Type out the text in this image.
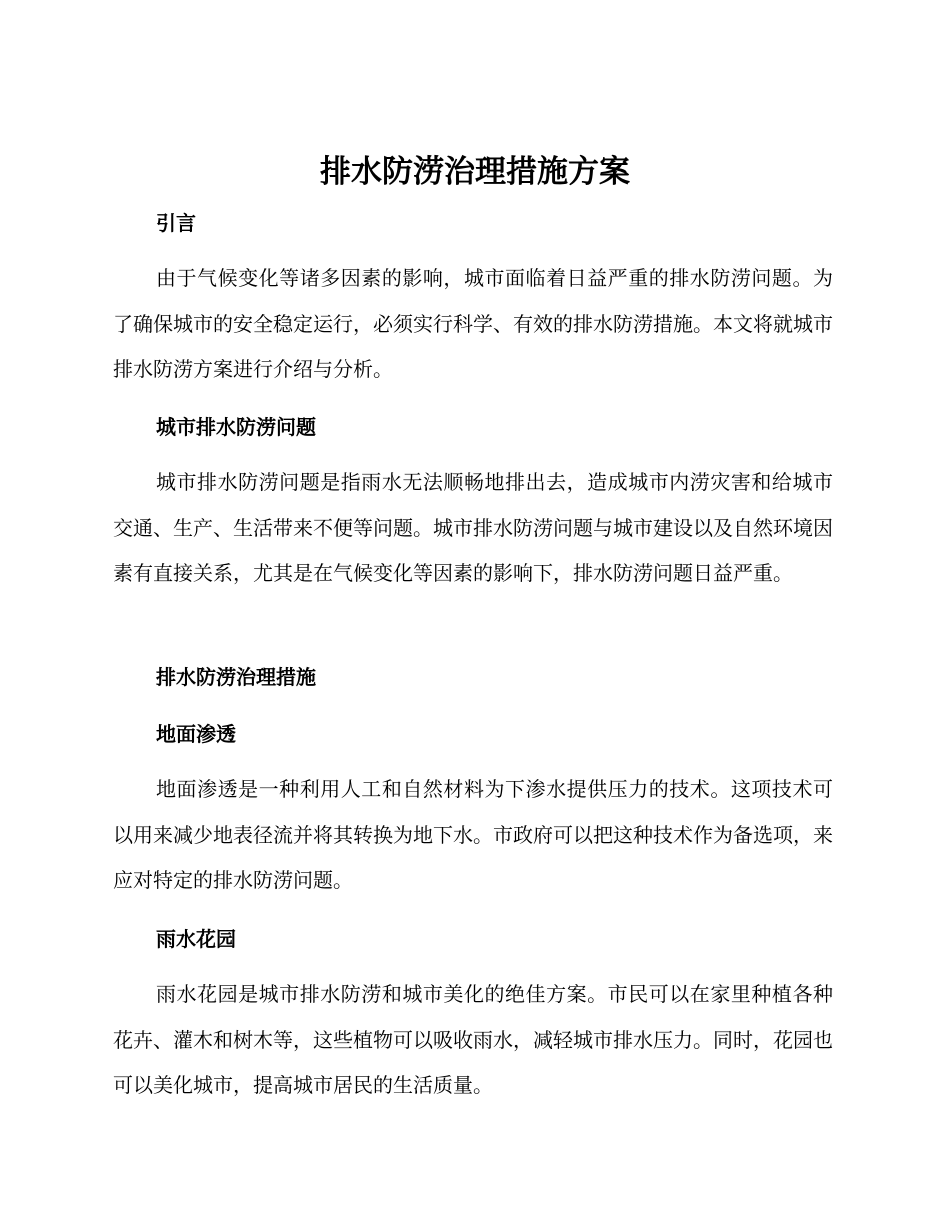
排水防涝治理措施方案
引言

由于气候变化等诸多因素的影响，城市面临着日益严重的排水防涝问题。为了确保城市的安全稳定运行，必须实行科学、有效的排水防涝措施。本文将就城市排水防涝方案进行介绍与分析。

城市排水防涝问题

城市排水防涝问题是指雨水无法顺畅地排出去，造成城市内涝灾害和给城市交通、生产、生活带来不便等问题。城市排水防涝问题与城市建设以及自然环境因素有直接关系，尤其是在气候变化等因素的影响下，排水防涝问题日益严重。

排水防涝治理措施
地面渗透

地面渗透是一种利用人工和自然材料为下渗水提供压力的技术。这项技术可以用来减少地表径流并将其转换为地下水。市政府可以把这种技术作为备选项，来应对特定的排水防涝问题。

雨水花园

雨水花园是城市排水防涝和城市美化的绝佳方案。市民可以在家里种植各种花卉、灌木和树木等，这些植物可以吸收雨水，减轻城市排水压力。同时，花园也可以美化城市，提高城市居民的生活质量。
